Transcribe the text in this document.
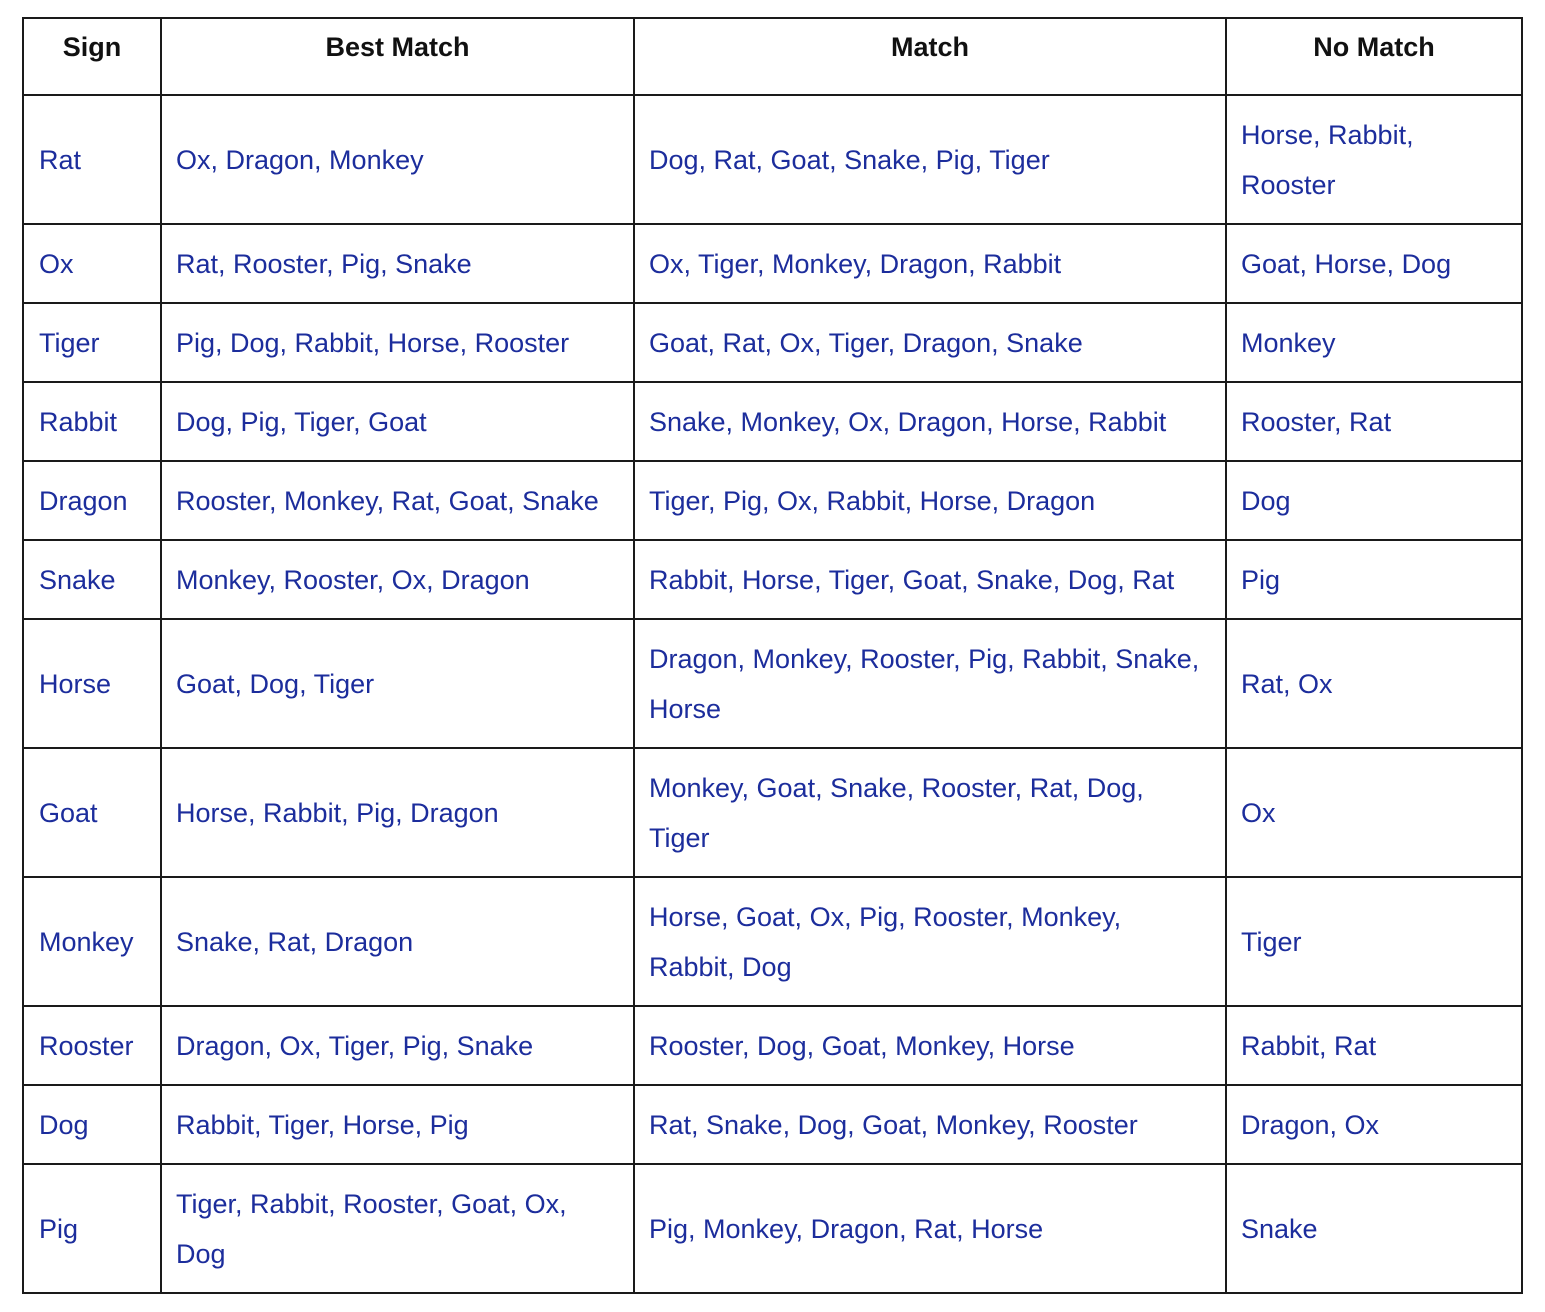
Sign	Best Match	Match	No Match
Rat	Ox, Dragon, Monkey	Dog, Rat, Goat, Snake, Pig, Tiger	Horse, Rabbit, Rooster
Ox	Rat, Rooster, Pig, Snake	Ox, Tiger, Monkey, Dragon, Rabbit	Goat, Horse, Dog
Tiger	Pig, Dog, Rabbit, Horse, Rooster	Goat, Rat, Ox, Tiger, Dragon, Snake	Monkey
Rabbit	Dog, Pig, Tiger, Goat	Snake, Monkey, Ox, Dragon, Horse, Rabbit	Rooster, Rat
Dragon	Rooster, Monkey, Rat, Goat, Snake	Tiger, Pig, Ox, Rabbit, Horse, Dragon	Dog
Snake	Monkey, Rooster, Ox, Dragon	Rabbit, Horse, Tiger, Goat, Snake, Dog, Rat	Pig
Horse	Goat, Dog, Tiger	Dragon, Monkey, Rooster, Pig, Rabbit, Snake, Horse	Rat, Ox
Goat	Horse, Rabbit, Pig, Dragon	Monkey, Goat, Snake, Rooster, Rat, Dog, Tiger	Ox
Monkey	Snake, Rat, Dragon	Horse, Goat, Ox, Pig, Rooster, Monkey, Rabbit, Dog	Tiger
Rooster	Dragon, Ox, Tiger, Pig, Snake	Rooster, Dog, Goat, Monkey, Horse	Rabbit, Rat
Dog	Rabbit, Tiger, Horse, Pig	Rat, Snake, Dog, Goat, Monkey, Rooster	Dragon, Ox
Pig	Tiger, Rabbit, Rooster, Goat, Ox, Dog	Pig, Monkey, Dragon, Rat, Horse	Snake
